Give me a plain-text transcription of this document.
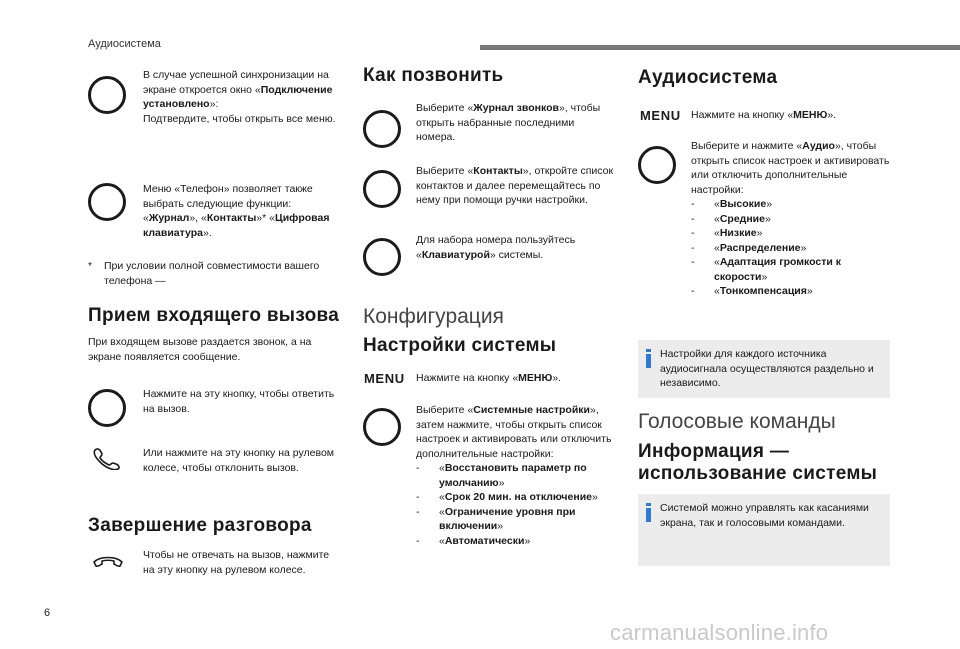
Аудиосистема
В случае успешной синхронизации на экране откроется окно «Подключение установлено»:
Подтвердите, чтобы открыть все меню.
Меню «Телефон» позволяет также выбрать следующие функции:
«Журнал», «Контакты»* «Цифровая клавиатура».
* При условии полной совместимости вашего телефона —
Прием входящего вызова
При входящем вызове раздается звонок, а на экране появляется сообщение.
Нажмите на эту кнопку, чтобы ответить на вызов.
Или нажмите на эту кнопку на рулевом колесе, чтобы отклонить вызов.
Завершение разговора
Чтобы не отвечать на вызов, нажмите на эту кнопку на рулевом колесе.
Как позвонить
Выберите «Журнал звонков», чтобы открыть набранные последними номера.
Выберите «Контакты», откройте список контактов и далее перемещайтесь по нему при помощи ручки настройки.
Для набора номера пользуйтесь «Клавиатурой» системы.
Конфигурация
Настройки системы
MENU Нажмите на кнопку «МЕНЮ».
Выберите «Системные настройки», затем нажмите, чтобы открыть список настроек и активировать или отключить дополнительные настройки:
- «Восстановить параметр по умолчанию»
- «Срок 20 мин. на отключение»
- «Ограничение уровня при включении»
- «Автоматически»
Аудиосистема
MENU Нажмите на кнопку «МЕНЮ».
Выберите и нажмите «Аудио», чтобы открыть список настроек и активировать или отключить дополнительные настройки:
- «Высокие»
- «Средние»
- «Низкие»
- «Распределение»
- «Адаптация громкости к скорости»
- «Тонкомпенсация»
Настройки для каждого источника аудиосигнала осуществляются раздельно и независимо.
Голосовые команды
Информация — использование системы
Системой можно управлять как касаниями экрана, так и голосовыми командами.
6
carmanualsonline.info
